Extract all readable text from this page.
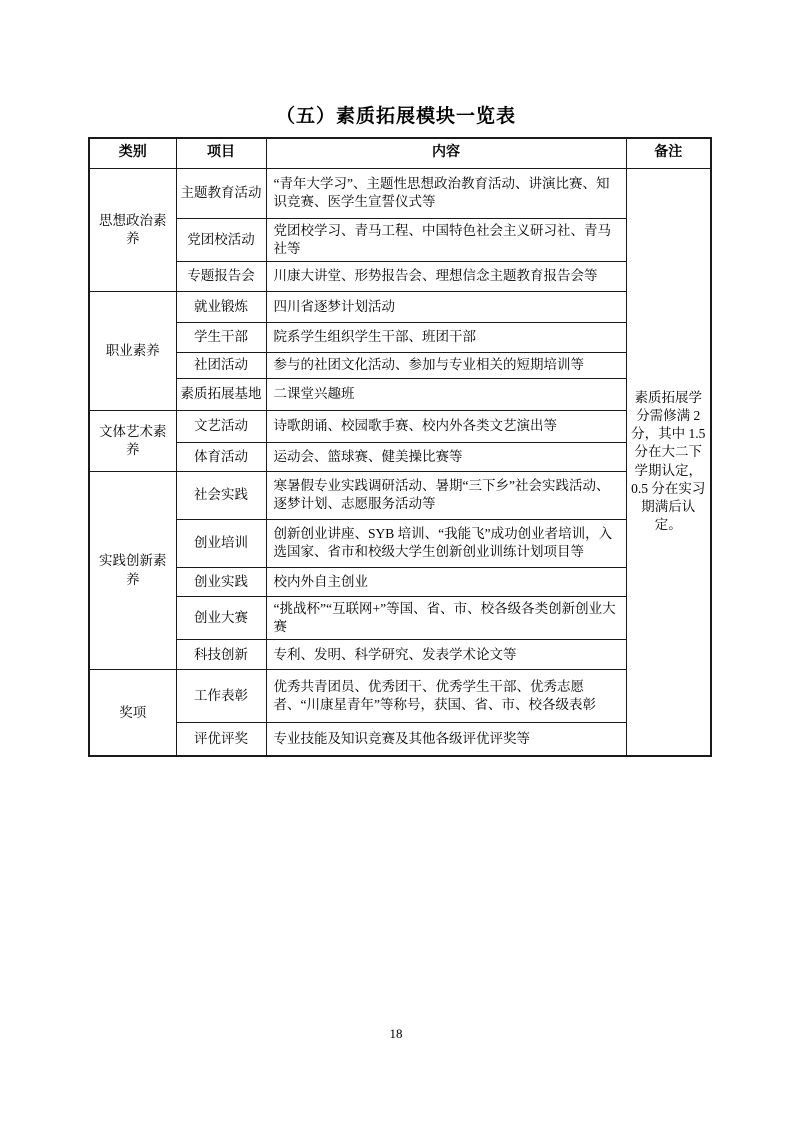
（五）素质拓展模块一览表
类别	项目	内容	备注
思想政治素养	主题教育活动	“青年大学习”、主题性思想政治教育活动、讲演比赛、知识竞赛、医学生宣誓仪式等	素质拓展学分需修满 2 分，其中 1.5 分在大二下学期认定，0.5 分在实习期满后认定。
	党团校活动	党团校学习、青马工程、中国特色社会主义研习社、青马社等	
	专题报告会	川康大讲堂、形势报告会、理想信念主题教育报告会等	
职业素养	就业锻炼	四川省逐梦计划活动	
	学生干部	院系学生组织学生干部、班团干部	
	社团活动	参与的社团文化活动、参加与专业相关的短期培训等	
	素质拓展基地	二课堂兴趣班	
文体艺术素养	文艺活动	诗歌朗诵、校园歌手赛、校内外各类文艺演出等	
	体育活动	运动会、篮球赛、健美操比赛等	
实践创新素养	社会实践	寒暑假专业实践调研活动、暑期“三下乡”社会实践活动、逐梦计划、志愿服务活动等	
	创业培训	创新创业讲座、SYB 培训、“我能飞”成功创业者培训，入选国家、省市和校级大学生创新创业训练计划项目等	
	创业实践	校内外自主创业	
	创业大赛	“挑战杯”“互联网+”等国、省、市、校各级各类创新创业大赛	
	科技创新	专利、发明、科学研究、发表学术论文等	
奖项	工作表彰	优秀共青团员、优秀团干、优秀学生干部、优秀志愿者、“川康星青年”等称号，获国、省、市、校各级表彰	
	评优评奖	专业技能及知识竞赛及其他各级评优评奖等	
18
